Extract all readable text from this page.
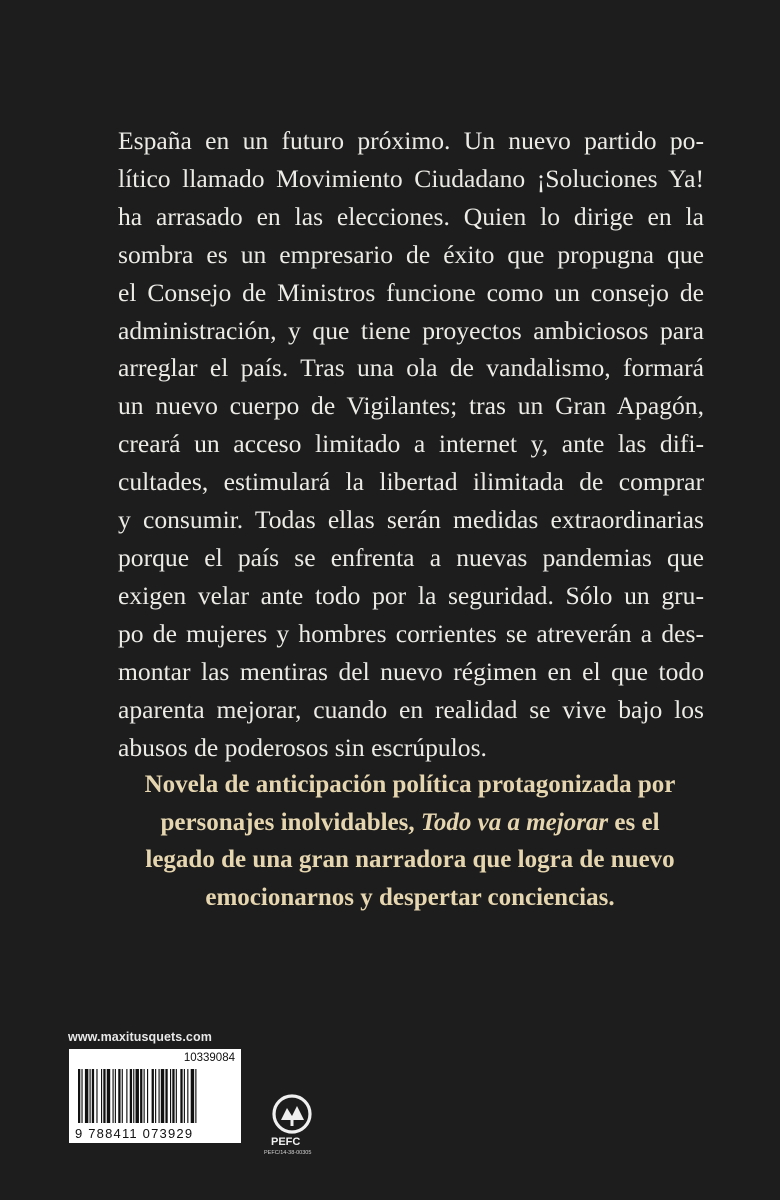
España en un futuro próximo. Un nuevo partido po-
lítico llamado Movimiento Ciudadano ¡Soluciones Ya!
ha arrasado en las elecciones. Quien lo dirige en la
sombra es un empresario de éxito que propugna que
el Consejo de Ministros funcione como un consejo de
administración, y que tiene proyectos ambiciosos para
arreglar el país. Tras una ola de vandalismo, formará
un nuevo cuerpo de Vigilantes; tras un Gran Apagón,
creará un acceso limitado a internet y, ante las difi-
cultades, estimulará la libertad ilimitada de comprar
y consumir. Todas ellas serán medidas extraordinarias
porque el país se enfrenta a nuevas pandemias que
exigen velar ante todo por la seguridad. Sólo un gru-
po de mujeres y hombres corrientes se atreverán a des-
montar las mentiras del nuevo régimen en el que todo
aparenta mejorar, cuando en realidad se vive bajo los
abusos de poderosos sin escrúpulos.
Novela de anticipación política protagonizada por
personajes inolvidables, Todo va a mejorar es el
legado de una gran narradora que logra de nuevo
emocionarnos y despertar conciencias.
www.maxitusquets.com
10339084
9 788411 073929
PEFC
PEFC/14-38-00305
